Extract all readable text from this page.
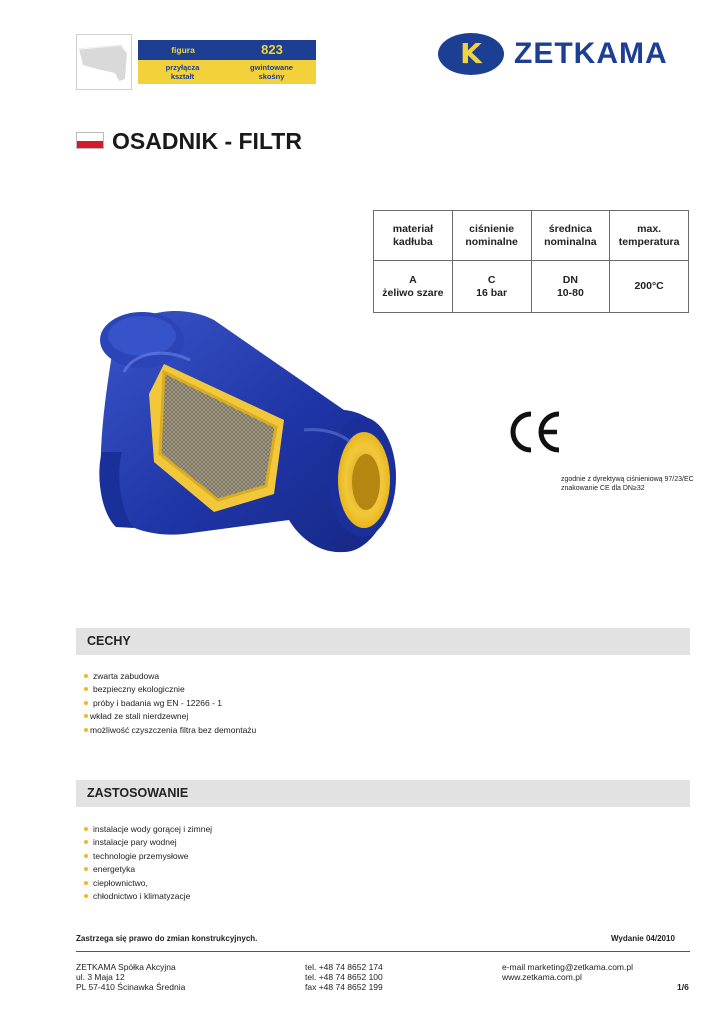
figura	823
przyłącza
kształt
gwintowane
skośny
K ZETKAMA
OSADNIK - FILTR
materiał
kadłuba
ciśnienie
nominalne
średnica
nominalna
max.
temperatura
A
żeliwo szare
C
16 bar
DN
10-80
200°C
.
zgodnie z dyrektywą ciśnieniową 97/23/EC
znakowanie CE dla DN≥32
CECHY
zwarta zabudowa
bezpieczny ekologicznie
próby i badania wg EN - 12266 - 1
wkład ze stali nierdzewnej
możliwość czyszczenia filtra bez demontażu
ZASTOSOWANIE
instalacje wody gorącej i zimnej
instalacje pary wodnej
technologie przemysłowe
energetyka
ciepłownictwo,
chłodnictwo i klimatyzacje
Zastrzega się prawo do zmian konstrukcyjnych.	Wydanie 04/2010
ZETKAMA Spółka Akcyjna
ul. 3 Maja 12
PL 57-410 Ścinawka Średnia
tel. +48 74 8652 174
tel. +48 74 8652 100
fax +48 74 8652 199
e-mail marketing@zetkama.com.pl
www.zetkama.com.pl
1/6
